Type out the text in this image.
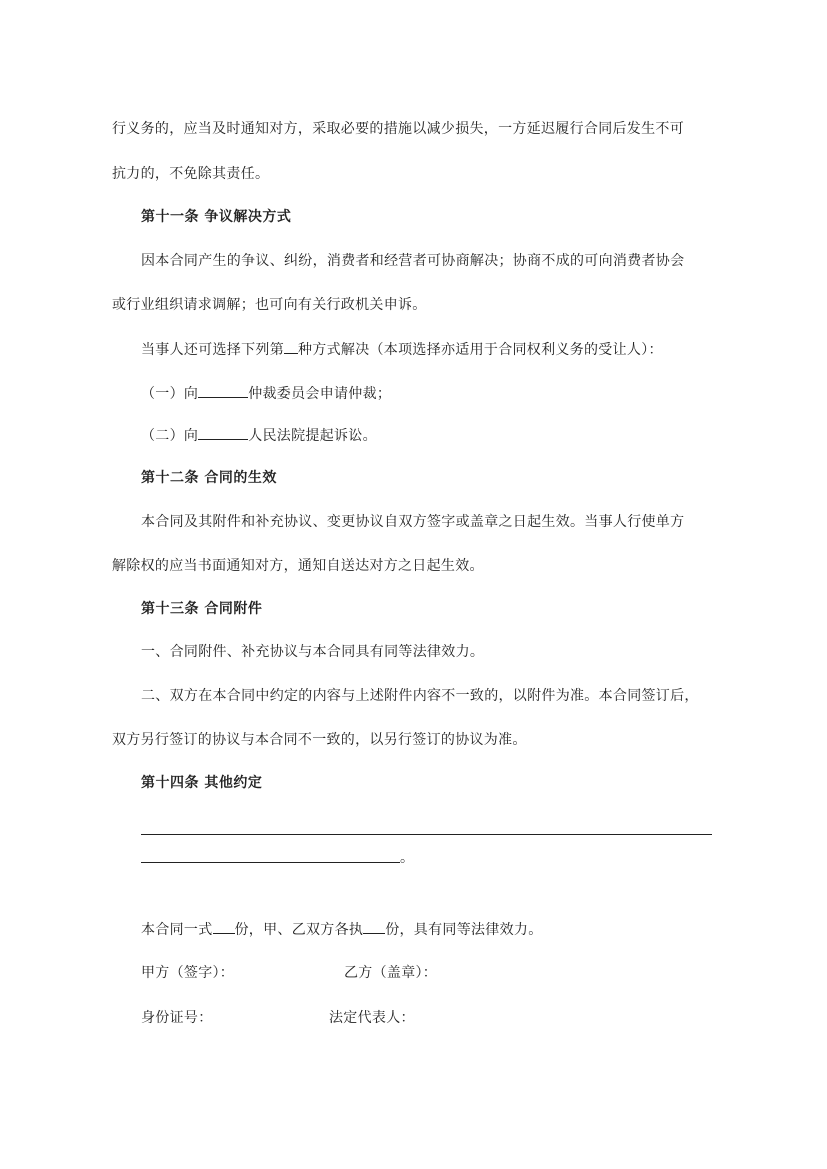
行义务的，应当及时通知对方，采取必要的措施以减少损失，一方延迟履行合同后发生不可
抗力的，不免除其责任。
第十一条 争议解决方式
因本合同产生的争议、纠纷，消费者和经营者可协商解决；协商不成的可向消费者协会
或行业组织请求调解；也可向有关行政机关申诉。
当事人还可选择下列第 种方式解决（本项选择亦适用于合同权利义务的受让人）：
（一）向	仲裁委员会申请仲裁；
（二）向	人民法院提起诉讼。
第十二条 合同的生效
本合同及其附件和补充协议、变更协议自双方签字或盖章之日起生效。当事人行使单方
解除权的应当书面通知对方，通知自送达对方之日起生效。
第十三条 合同附件
一、合同附件、补充协议与本合同具有同等法律效力。
二、双方在本合同中约定的内容与上述附件内容不一致的，以附件为准。本合同签订后，
双方另行签订的协议与本合同不一致的，以另行签订的协议为准。
第十四条 其他约定
。
本合同一式 份，甲、乙双方各执 份，具有同等法律效力。
甲方（签字）：	乙方（盖章）：
身份证号：	法定代表人：
